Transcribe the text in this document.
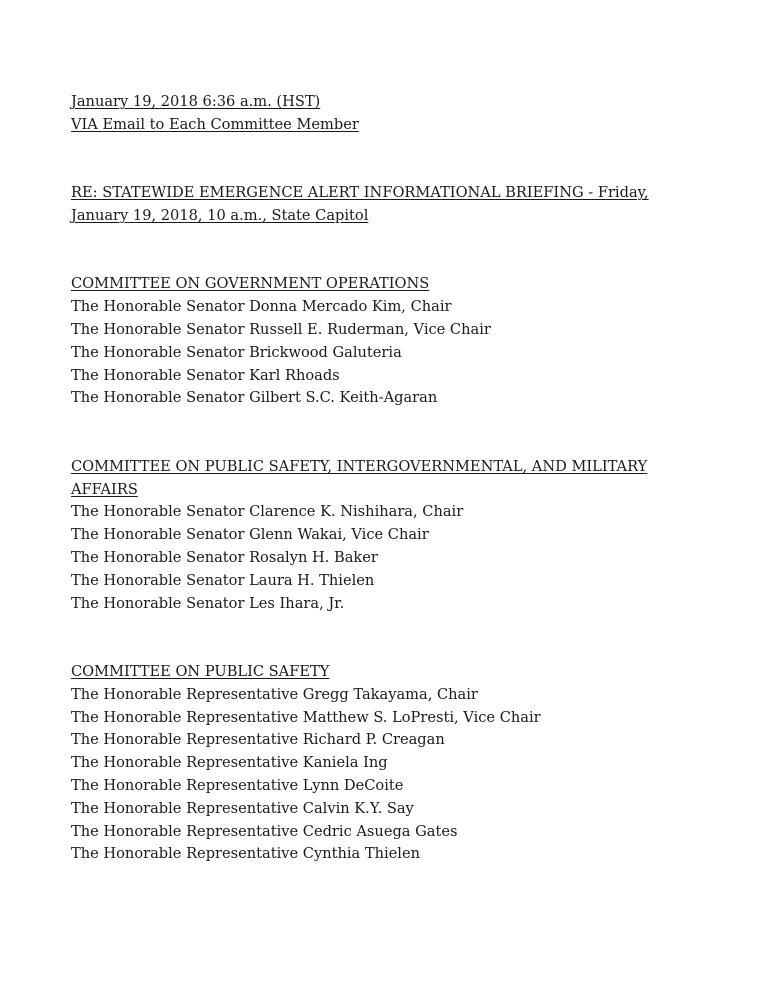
January 19, 2018 6:36 a.m. (HST)
VIA Email to Each Committee Member
RE: STATEWIDE EMERGENCE ALERT INFORMATIONAL BRIEFING - Friday,
January 19, 2018, 10 a.m., State Capitol
COMMITTEE ON GOVERNMENT OPERATIONS
The Honorable Senator Donna Mercado Kim, Chair
The Honorable Senator Russell E. Ruderman, Vice Chair
The Honorable Senator Brickwood Galuteria
The Honorable Senator Karl Rhoads
The Honorable Senator Gilbert S.C. Keith-Agaran
COMMITTEE ON PUBLIC SAFETY, INTERGOVERNMENTAL, AND MILITARY
AFFAIRS
The Honorable Senator Clarence K. Nishihara, Chair
The Honorable Senator Glenn Wakai, Vice Chair
The Honorable Senator Rosalyn H. Baker
The Honorable Senator Laura H. Thielen
The Honorable Senator Les Ihara, Jr.
COMMITTEE ON PUBLIC SAFETY
The Honorable Representative Gregg Takayama, Chair
The Honorable Representative Matthew S. LoPresti, Vice Chair
The Honorable Representative Richard P. Creagan
The Honorable Representative Kaniela Ing
The Honorable Representative Lynn DeCoite
The Honorable Representative Calvin K.Y. Say
The Honorable Representative Cedric Asuega Gates
The Honorable Representative Cynthia Thielen
